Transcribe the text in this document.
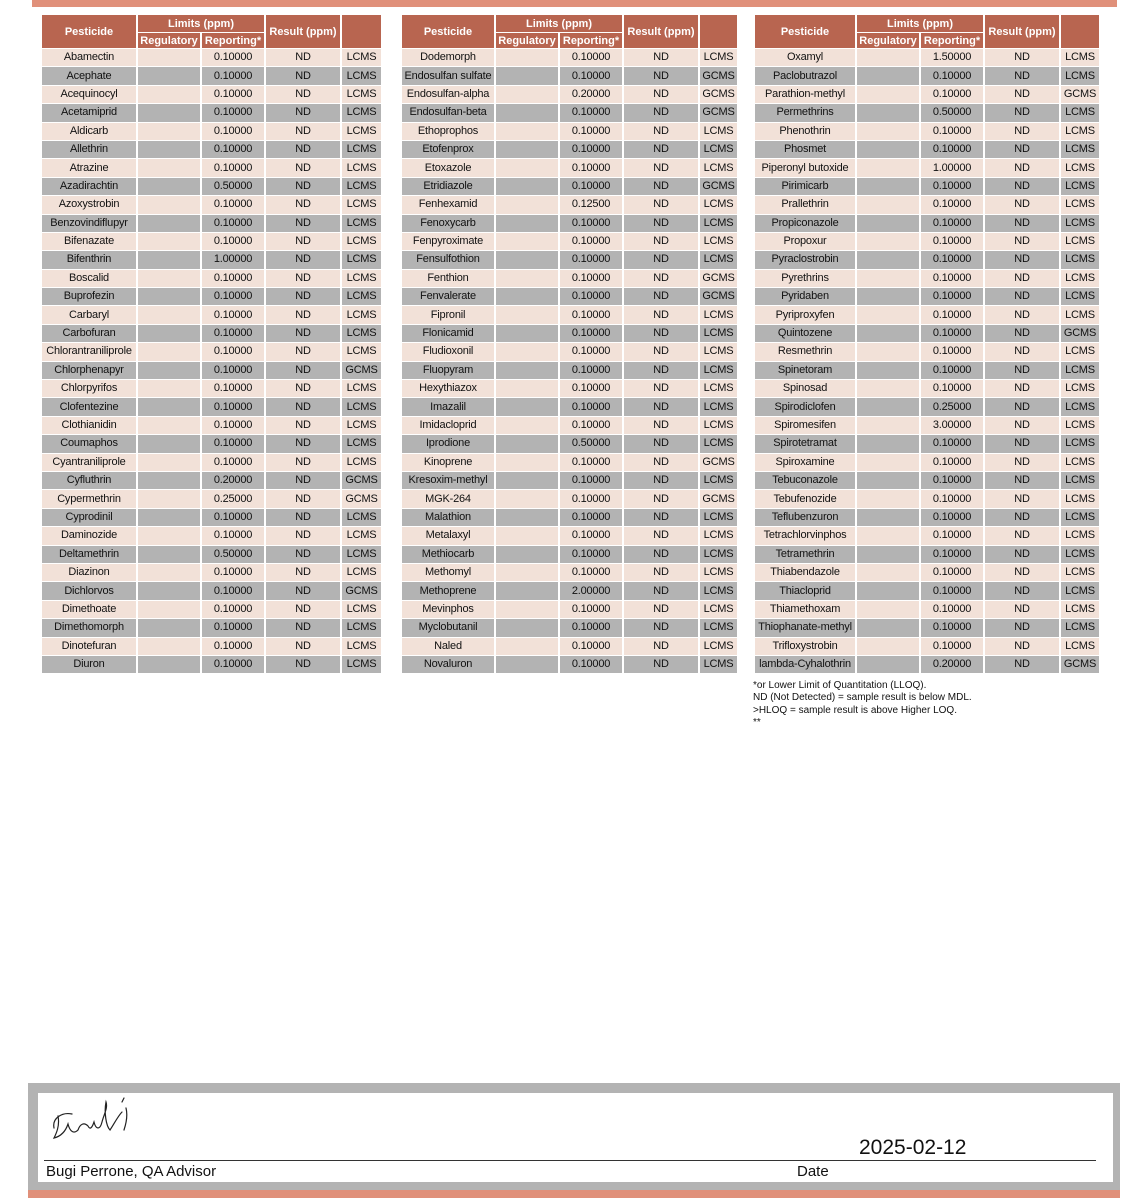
Pesticide	Limits (ppm)		Result (ppm)	
	Regulatory	Reporting*		
Abamectin		0.10000	ND	LCMS
Acephate		0.10000	ND	LCMS
Acequinocyl		0.10000	ND	LCMS
Acetamiprid		0.10000	ND	LCMS
Aldicarb		0.10000	ND	LCMS
Allethrin		0.10000	ND	LCMS
Atrazine		0.10000	ND	LCMS
Azadirachtin		0.50000	ND	LCMS
Azoxystrobin		0.10000	ND	LCMS
Benzovindiflupyr		0.10000	ND	LCMS
Bifenazate		0.10000	ND	LCMS
Bifenthrin		1.00000	ND	LCMS
Boscalid		0.10000	ND	LCMS
Buprofezin		0.10000	ND	LCMS
Carbaryl		0.10000	ND	LCMS
Carbofuran		0.10000	ND	LCMS
Chlorantraniliprole		0.10000	ND	LCMS
Chlorphenapyr		0.10000	ND	GCMS
Chlorpyrifos		0.10000	ND	LCMS
Clofentezine		0.10000	ND	LCMS
Clothianidin		0.10000	ND	LCMS
Coumaphos		0.10000	ND	LCMS
Cyantraniliprole		0.10000	ND	LCMS
Cyfluthrin		0.20000	ND	GCMS
Cypermethrin		0.25000	ND	GCMS
Cyprodinil		0.10000	ND	LCMS
Daminozide		0.10000	ND	LCMS
Deltamethrin		0.50000	ND	LCMS
Diazinon		0.10000	ND	LCMS
Dichlorvos		0.10000	ND	GCMS
Dimethoate		0.10000	ND	LCMS
Dimethomorph		0.10000	ND	LCMS
Dinotefuran		0.10000	ND	LCMS
Diuron		0.10000	ND	LCMS
Pesticide	Limits (ppm)		Result (ppm)	
	Regulatory	Reporting*		
Dodemorph		0.10000	ND	LCMS
Endosulfan sulfate		0.10000	ND	GCMS
Endosulfan-alpha		0.20000	ND	GCMS
Endosulfan-beta		0.10000	ND	GCMS
Ethoprophos		0.10000	ND	LCMS
Etofenprox		0.10000	ND	LCMS
Etoxazole		0.10000	ND	LCMS
Etridiazole		0.10000	ND	GCMS
Fenhexamid		0.12500	ND	LCMS
Fenoxycarb		0.10000	ND	LCMS
Fenpyroximate		0.10000	ND	LCMS
Fensulfothion		0.10000	ND	LCMS
Fenthion		0.10000	ND	GCMS
Fenvalerate		0.10000	ND	GCMS
Fipronil		0.10000	ND	LCMS
Flonicamid		0.10000	ND	LCMS
Fludioxonil		0.10000	ND	LCMS
Fluopyram		0.10000	ND	LCMS
Hexythiazox		0.10000	ND	LCMS
Imazalil		0.10000	ND	LCMS
Imidacloprid		0.10000	ND	LCMS
Iprodione		0.50000	ND	LCMS
Kinoprene		0.10000	ND	GCMS
Kresoxim-methyl		0.10000	ND	LCMS
MGK-264		0.10000	ND	GCMS
Malathion		0.10000	ND	LCMS
Metalaxyl		0.10000	ND	LCMS
Methiocarb		0.10000	ND	LCMS
Methomyl		0.10000	ND	LCMS
Methoprene		2.00000	ND	LCMS
Mevinphos		0.10000	ND	LCMS
Myclobutanil		0.10000	ND	LCMS
Naled		0.10000	ND	LCMS
Novaluron		0.10000	ND	LCMS
Pesticide	Limits (ppm)		Result (ppm)	
	Regulatory	Reporting*		
Oxamyl		1.50000	ND	LCMS
Paclobutrazol		0.10000	ND	LCMS
Parathion-methyl		0.10000	ND	GCMS
Permethrins		0.50000	ND	LCMS
Phenothrin		0.10000	ND	LCMS
Phosmet		0.10000	ND	LCMS
Piperonyl butoxide		1.00000	ND	LCMS
Pirimicarb		0.10000	ND	LCMS
Prallethrin		0.10000	ND	LCMS
Propiconazole		0.10000	ND	LCMS
Propoxur		0.10000	ND	LCMS
Pyraclostrobin		0.10000	ND	LCMS
Pyrethrins		0.10000	ND	LCMS
Pyridaben		0.10000	ND	LCMS
Pyriproxyfen		0.10000	ND	LCMS
Quintozene		0.10000	ND	GCMS
Resmethrin		0.10000	ND	LCMS
Spinetoram		0.10000	ND	LCMS
Spinosad		0.10000	ND	LCMS
Spirodiclofen		0.25000	ND	LCMS
Spiromesifen		3.00000	ND	LCMS
Spirotetramat		0.10000	ND	LCMS
Spiroxamine		0.10000	ND	LCMS
Tebuconazole		0.10000	ND	LCMS
Tebufenozide		0.10000	ND	LCMS
Teflubenzuron		0.10000	ND	LCMS
Tetrachlorvinphos		0.10000	ND	LCMS
Tetramethrin		0.10000	ND	LCMS
Thiabendazole		0.10000	ND	LCMS
Thiacloprid		0.10000	ND	LCMS
Thiamethoxam		0.10000	ND	LCMS
Thiophanate-methyl		0.10000	ND	LCMS
Trifloxystrobin		0.10000	ND	LCMS
lambda-Cyhalothrin		0.20000	ND	GCMS
*or Lower Limit of Quantitation (LLOQ).
ND (Not Detected) = sample result is below MDL.
>HLOQ = sample result is above Higher LOQ.
**
Bugi Perrone, QA Advisor	Date
2025-02-12
